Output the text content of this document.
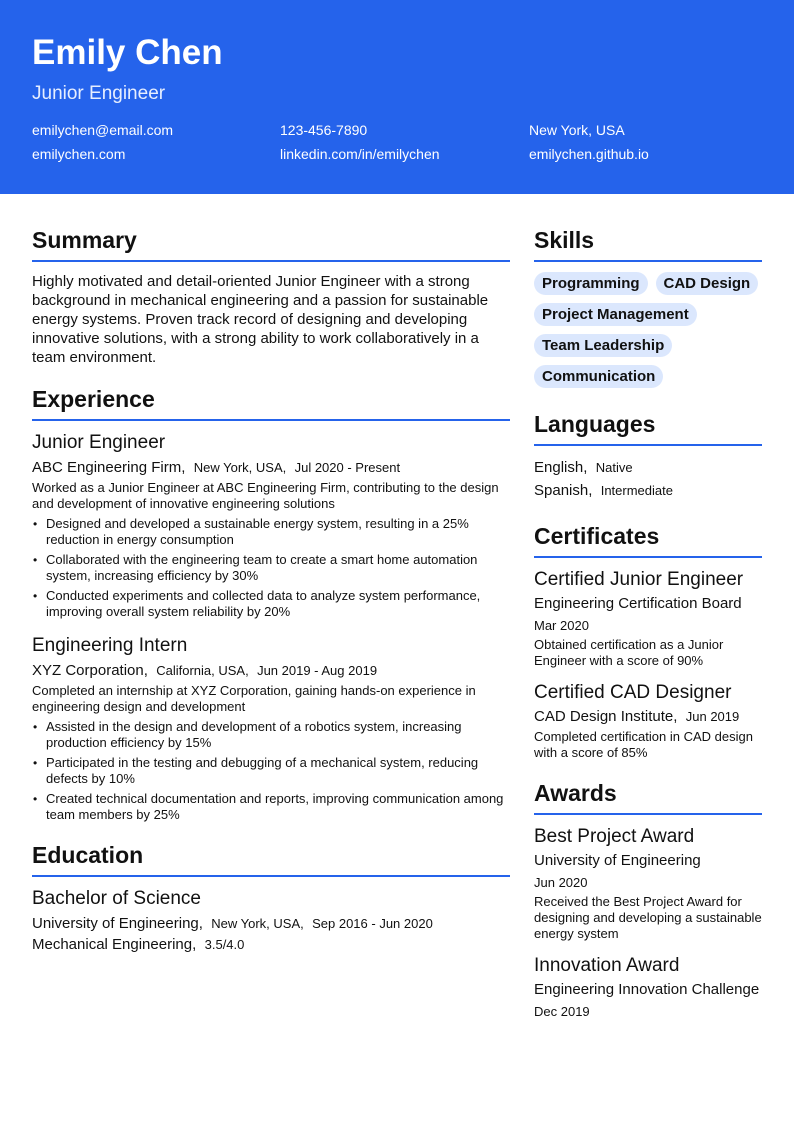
Emily Chen
Junior Engineer
emilychen@email.com	123-456-7890	New York, USA
emilychen.com	linkedin.com/in/emilychen	emilychen.github.io
Summary

Highly motivated and detail-oriented Junior Engineer with a strong background in mechanical engineering and a passion for sustainable energy systems. Proven track record of designing and developing innovative solutions, with a strong ability to work collaboratively in a team environment.

Experience
Junior Engineer
ABC Engineering Firm, New York, USA, Jul 2020 - Present
Worked as a Junior Engineer at ABC Engineering Firm, contributing to the design and development of innovative engineering solutions
• Designed and developed a sustainable energy system, resulting in a 25% reduction in energy consumption
• Collaborated with the engineering team to create a smart home automation system, increasing efficiency by 30%
• Conducted experiments and collected data to analyze system performance, improving overall system reliability by 20%
Engineering Intern
XYZ Corporation, California, USA, Jun 2019 - Aug 2019
Completed an internship at XYZ Corporation, gaining hands-on experience in engineering design and development
• Assisted in the design and development of a robotics system, increasing production efficiency by 15%
• Participated in the testing and debugging of a mechanical system, reducing defects by 10%
• Created technical documentation and reports, improving communication among team members by 25%
Education
Bachelor of Science
University of Engineering, New York, USA, Sep 2016 - Jun 2020
Mechanical Engineering, 3.5/4.0
Skills
Programming	CAD Design
Project Management
Team Leadership
Communication
Languages
English, Native
Spanish, Intermediate
Certificates
Certified Junior Engineer
Engineering Certification Board
Mar 2020
Obtained certification as a Junior Engineer with a score of 90%
Certified CAD Designer
CAD Design Institute, Jun 2019
Completed certification in CAD design with a score of 85%
Awards
Best Project Award
University of Engineering
Jun 2020
Received the Best Project Award for designing and developing a sustainable energy system
Innovation Award
Engineering Innovation Challenge
Dec 2019
